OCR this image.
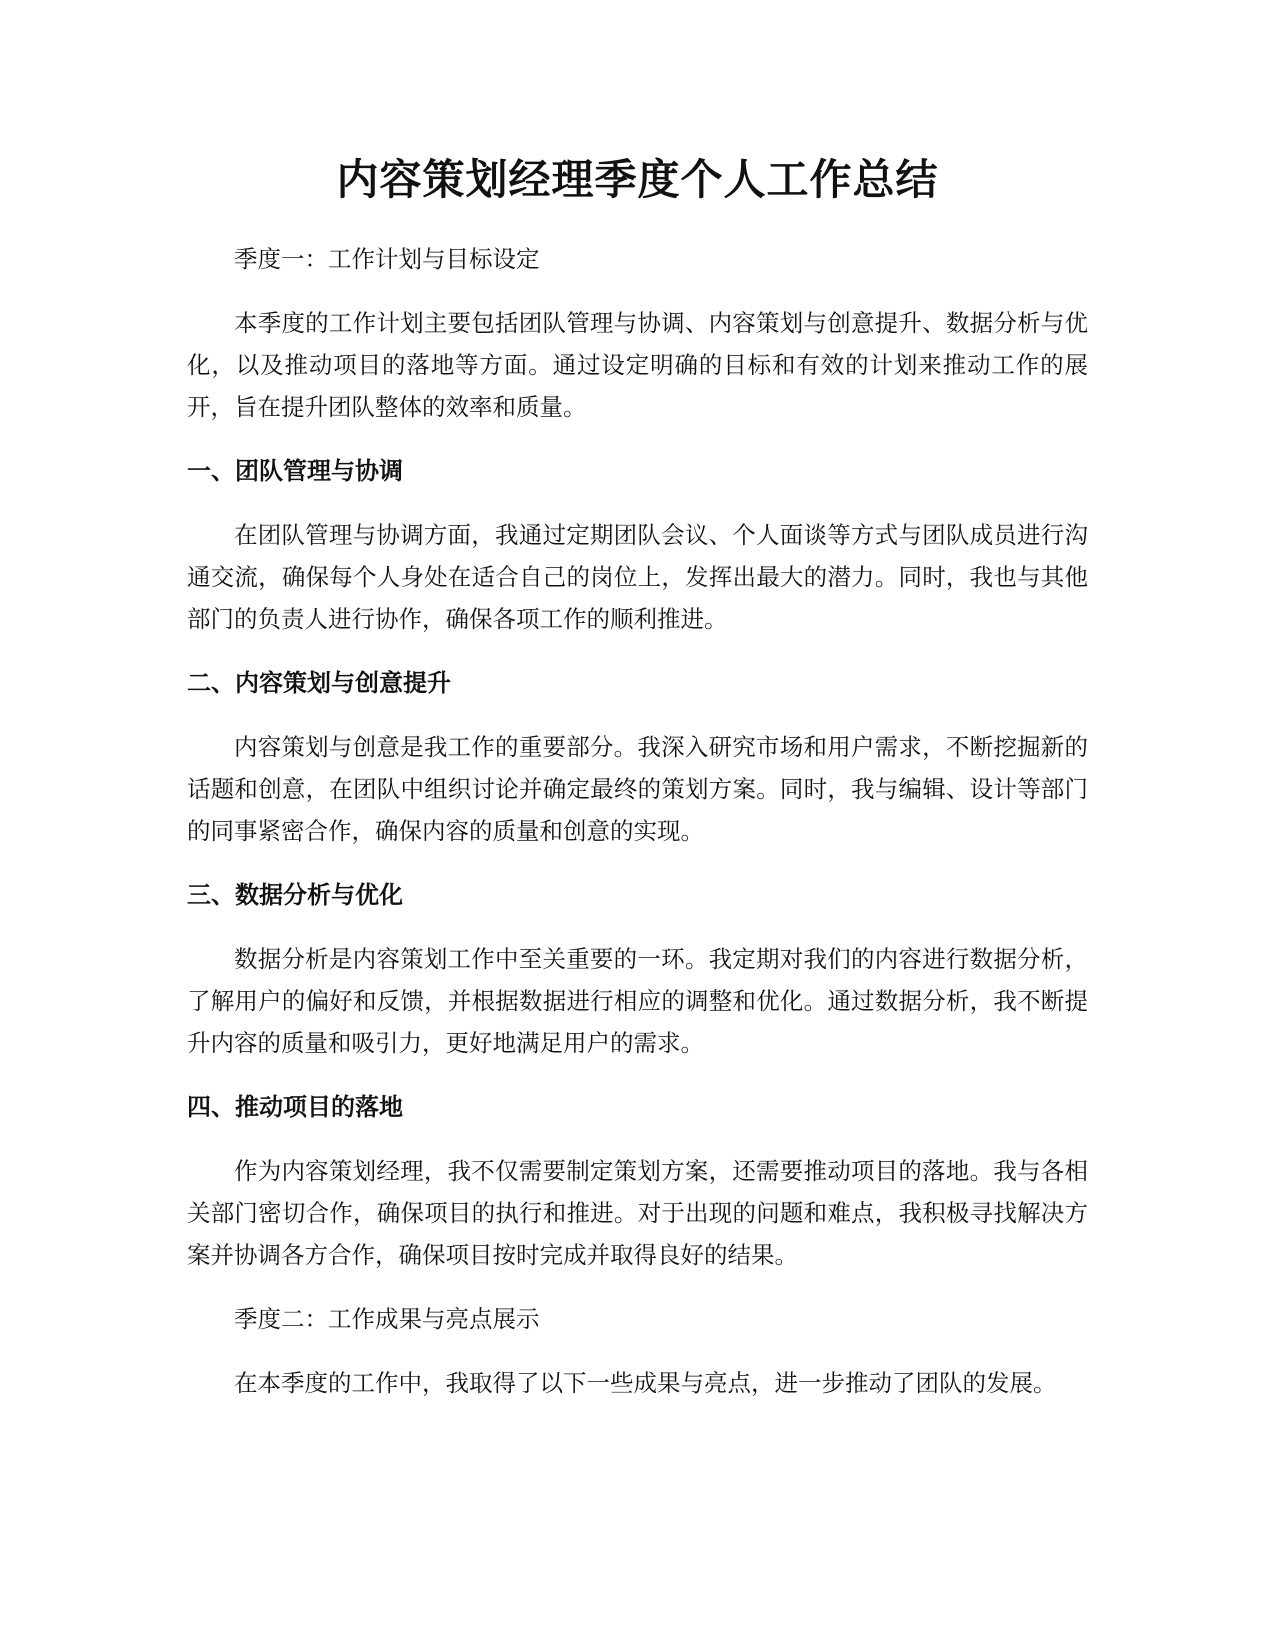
内容策划经理季度个人工作总结

季度一：工作计划与目标设定

本季度的工作计划主要包括团队管理与协调、内容策划与创意提升、数据分析与优化，以及推动项目的落地等方面。通过设定明确的目标和有效的计划来推动工作的展开，旨在提升团队整体的效率和质量。

一、团队管理与协调

在团队管理与协调方面，我通过定期团队会议、个人面谈等方式与团队成员进行沟通交流，确保每个人身处在适合自己的岗位上，发挥出最大的潜力。同时，我也与其他部门的负责人进行协作，确保各项工作的顺利推进。

二、内容策划与创意提升

内容策划与创意是我工作的重要部分。我深入研究市场和用户需求，不断挖掘新的话题和创意，在团队中组织讨论并确定最终的策划方案。同时，我与编辑、设计等部门的同事紧密合作，确保内容的质量和创意的实现。

三、数据分析与优化

数据分析是内容策划工作中至关重要的一环。我定期对我们的内容进行数据分析，了解用户的偏好和反馈，并根据数据进行相应的调整和优化。通过数据分析，我不断提升内容的质量和吸引力，更好地满足用户的需求。

四、推动项目的落地

作为内容策划经理，我不仅需要制定策划方案，还需要推动项目的落地。我与各相关部门密切合作，确保项目的执行和推进。对于出现的问题和难点，我积极寻找解决方案并协调各方合作，确保项目按时完成并取得良好的结果。

季度二：工作成果与亮点展示

在本季度的工作中，我取得了以下一些成果与亮点，进一步推动了团队的发展。
